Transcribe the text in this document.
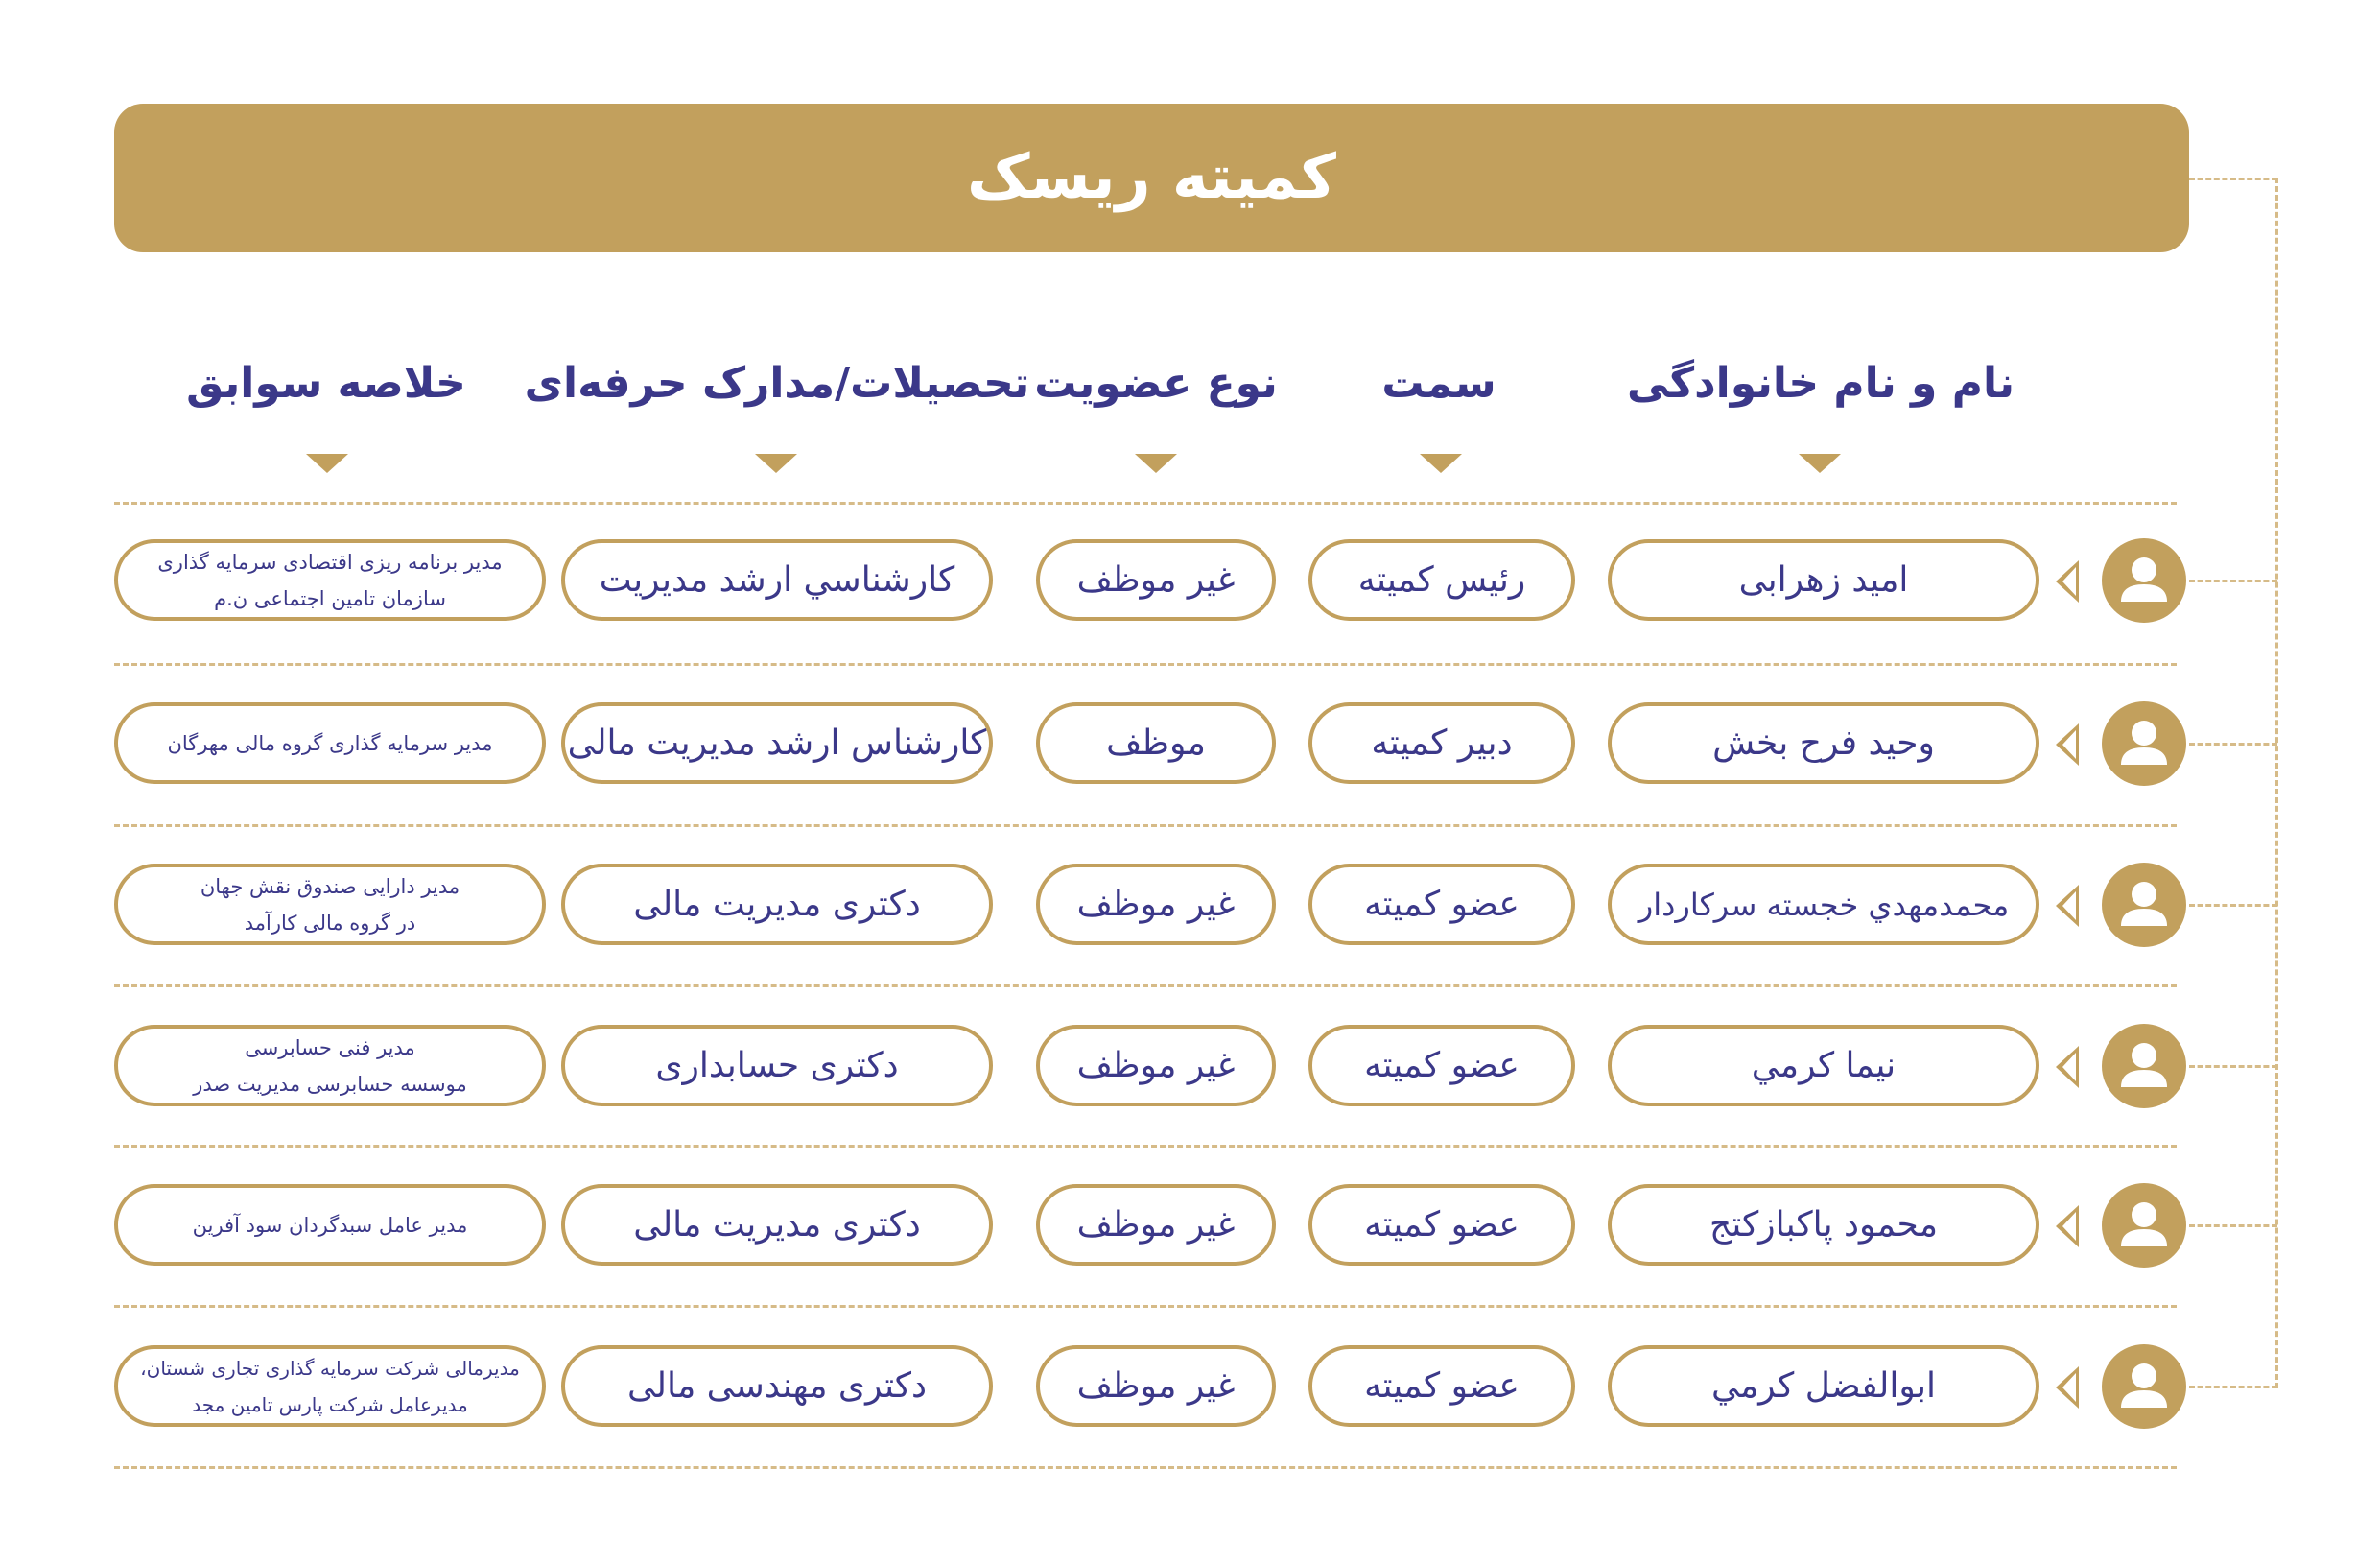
کمیته ریسک
نام و نام خانوادگی
سمت
نوع عضویت
تحصیلات/مدارک حرفه‌ای
خلاصه سوابق
امید زهرابی
رئیس کمیته
غیر موظف
کارشناسي ارشد مديريت
مدیر برنامه ریزی اقتصادی سرمایه گذاری
سازمان تامین اجتماعی ن.م
وحید فرح بخش
دبیر کمیته
موظف
کارشناس ارشد مدیریت مالی
مدیر سرمایه گذاری گروه مالی مهرگان
محمدمهدي خجسته سرکاردار
عضو کمیته
غیر موظف
دکتری مدیریت مالی
مدیر دارایی صندوق نقش جهان
در گروه مالی کارآمد
نیما کرمي
عضو کمیته
غیر موظف
دکتری حسابداری
مدیر فنی حسابرسی
موسسه حسابرسی مدیریت صدر
محمود پاکبازکتج
عضو کمیته
غیر موظف
دکتری مدیریت مالی
مدیر عامل سبدگردان سود آفرین
ابوالفضل کرمي
عضو کمیته
غیر موظف
دکتری مهندسی مالی
مدیرمالی شرکت سرمایه گذاری تجاری شستان،
مدیرعامل شرکت پارس تامین مجد
